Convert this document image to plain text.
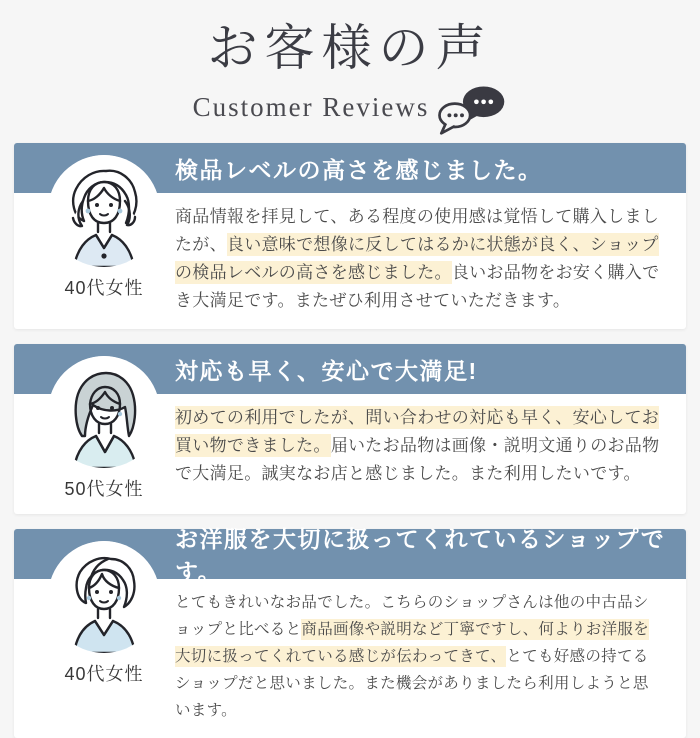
お客様の声
Customer Reviews
検品レベルの高さを感じました。
40代女性

商品情報を拝見して、ある程度の使用感は覚悟して購入しましたが、良い意味で想像に反してはるかに状態が良く、ショップの検品レベルの高さを感じました。良いお品物をお安く購入でき大満足です。またぜひ利用させていただきます。

対応も早く、安心で大満足!
50代女性

初めての利用でしたが、問い合わせの対応も早く、安心してお買い物できました。届いたお品物は画像・説明文通りのお品物で大満足。誠実なお店と感じました。また利用したいです。

お洋服を大切に扱ってくれているショップです。
40代女性

とてもきれいなお品でした。こちらのショップさんは他の中古品ショップと比べると商品画像や説明など丁寧ですし、何よりお洋服を大切に扱ってくれている感じが伝わってきて、とても好感の持てるショップだと思いました。また機会がありましたら利用しようと思います。
